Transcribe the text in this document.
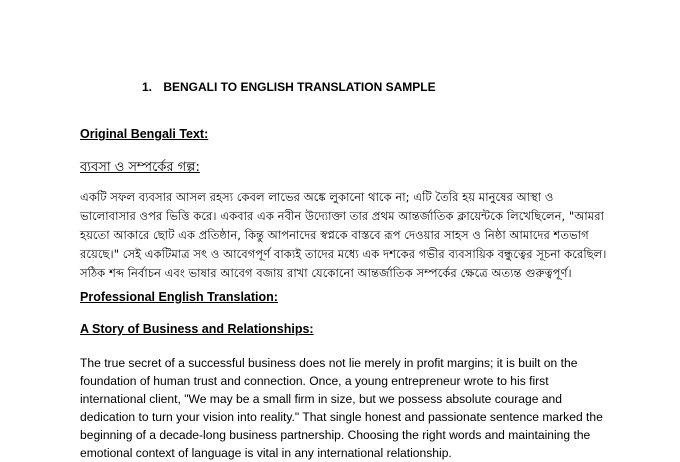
1. BENGALI TO ENGLISH TRANSLATION SAMPLE
Original Bengali Text:
ব্যবসা ও সম্পর্কের গল্প:

একটি সফল ব্যবসার আসল রহস্য কেবল লাভের অঙ্কে লুকানো থাকে না; এটি তৈরি হয় মানুষের আস্থা ও ভালোবাসার ওপর ভিত্তি করে। একবার এক নবীন উদ্যোক্তা তার প্রথম আন্তর্জাতিক ক্লায়েন্টকে লিখেছিলেন, "আমরা হয়তো আকারে ছোট এক প্রতিষ্ঠান, কিন্তু আপনাদের স্বপ্নকে বাস্তবে রূপ দেওয়ার সাহস ও নিষ্ঠা আমাদের শতভাগ রয়েছে।" সেই একটিমাত্র সৎ ও আবেগপূর্ণ বাক্যই তাদের মধ্যে এক দশকের গভীর ব্যবসায়িক বন্ধুত্বের সূচনা করেছিল। সঠিক শব্দ নির্বাচন এবং ভাষার আবেগ বজায় রাখা যেকোনো আন্তর্জাতিক সম্পর্কের ক্ষেত্রে অত্যন্ত গুরুত্বপূর্ণ।

Professional English Translation:
A Story of Business and Relationships:

The true secret of a successful business does not lie merely in profit margins; it is built on the foundation of human trust and connection. Once, a young entrepreneur wrote to his first international client, "We may be a small firm in size, but we possess absolute courage and dedication to turn your vision into reality." That single honest and passionate sentence marked the beginning of a decade-long business partnership. Choosing the right words and maintaining the emotional context of language is vital in any international relationship.
